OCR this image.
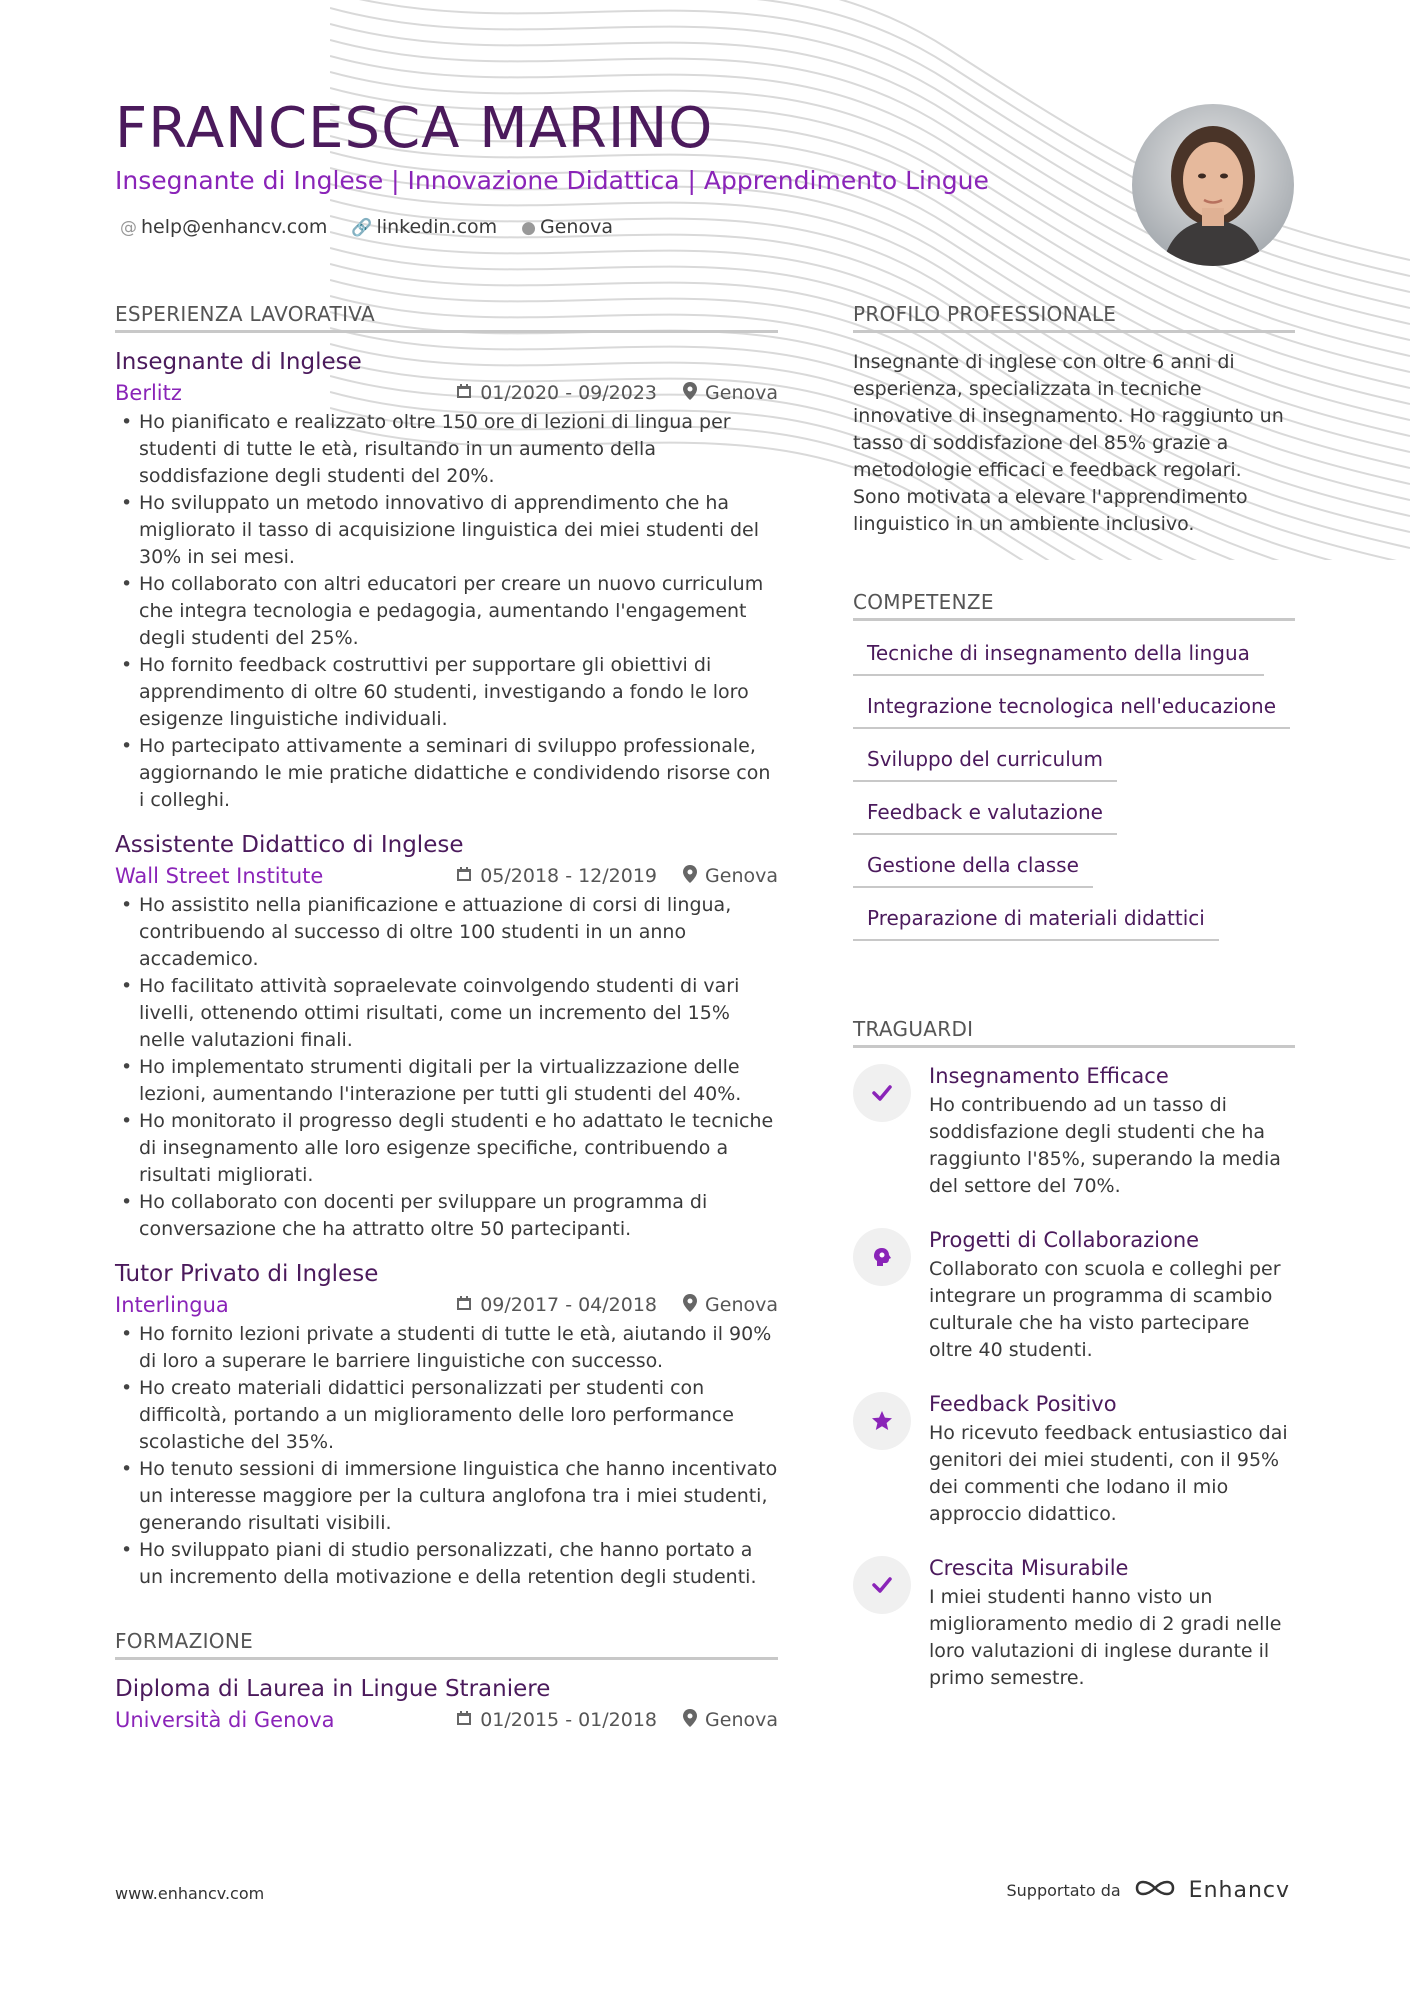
FRANCESCA MARINO
Insegnante di Inglese | Innovazione Didattica | Apprendimento Lingue
@ help@enhancv.com 🔗 linkedin.com ● Genova
ESPERIENZA LAVORATIVA
Insegnante di Inglese
Berlitz	01/2020 - 09/2023	Genova
• Ho pianificato e realizzato oltre 150 ore di lezioni di lingua per studenti di tutte le età, risultando in un aumento della soddisfazione degli studenti del 20%.
• Ho sviluppato un metodo innovativo di apprendimento che ha migliorato il tasso di acquisizione linguistica dei miei studenti del 30% in sei mesi.
• Ho collaborato con altri educatori per creare un nuovo curriculum che integra tecnologia e pedagogia, aumentando l'engagement degli studenti del 25%.
• Ho fornito feedback costruttivi per supportare gli obiettivi di apprendimento di oltre 60 studenti, investigando a fondo le loro esigenze linguistiche individuali.
• Ho partecipato attivamente a seminari di sviluppo professionale, aggiornando le mie pratiche didattiche e condividendo risorse con i colleghi.
Assistente Didattico di Inglese
Wall Street Institute	05/2018 - 12/2019	Genova
• Ho assistito nella pianificazione e attuazione di corsi di lingua, contribuendo al successo di oltre 100 studenti in un anno accademico.
• Ho facilitato attività sopraelevate coinvolgendo studenti di vari livelli, ottenendo ottimi risultati, come un incremento del 15% nelle valutazioni finali.
• Ho implementato strumenti digitali per la virtualizzazione delle lezioni, aumentando l'interazione per tutti gli studenti del 40%.
• Ho monitorato il progresso degli studenti e ho adattato le tecniche di insegnamento alle loro esigenze specifiche, contribuendo a risultati migliorati.
• Ho collaborato con docenti per sviluppare un programma di conversazione che ha attratto oltre 50 partecipanti.
Tutor Privato di Inglese
Interlingua	09/2017 - 04/2018	Genova
• Ho fornito lezioni private a studenti di tutte le età, aiutando il 90% di loro a superare le barriere linguistiche con successo.
• Ho creato materiali didattici personalizzati per studenti con difficoltà, portando a un miglioramento delle loro performance scolastiche del 35%.
• Ho tenuto sessioni di immersione linguistica che hanno incentivato un interesse maggiore per la cultura anglofona tra i miei studenti, generando risultati visibili.
• Ho sviluppato piani di studio personalizzati, che hanno portato a un incremento della motivazione e della retention degli studenti.
FORMAZIONE
Diploma di Laurea in Lingue Straniere
Università di Genova	01/2015 - 01/2018	Genova
PROFILO PROFESSIONALE
Insegnante di inglese con oltre 6 anni di esperienza, specializzata in tecniche innovative di insegnamento. Ho raggiunto un tasso di soddisfazione del 85% grazie a metodologie efficaci e feedback regolari. Sono motivata a elevare l'apprendimento linguistico in un ambiente inclusivo.
COMPETENZE
Tecniche di insegnamento della lingua
Integrazione tecnologica nell'educazione
Sviluppo del curriculum
Feedback e valutazione
Gestione della classe
Preparazione di materiali didattici
TRAGUARDI
Insegnamento Efficace
Ho contribuendo ad un tasso di soddisfazione degli studenti che ha raggiunto l'85%, superando la media del settore del 70%.
Progetti di Collaborazione
Collaborato con scuola e colleghi per integrare un programma di scambio culturale che ha visto partecipare oltre 40 studenti.
Feedback Positivo
Ho ricevuto feedback entusiastico dai genitori dei miei studenti, con il 95% dei commenti che lodano il mio approccio didattico.
Crescita Misurabile
I miei studenti hanno visto un miglioramento medio di 2 gradi nelle loro valutazioni di inglese durante il primo semestre.
www.enhancv.com	Supportato da	Enhancv
